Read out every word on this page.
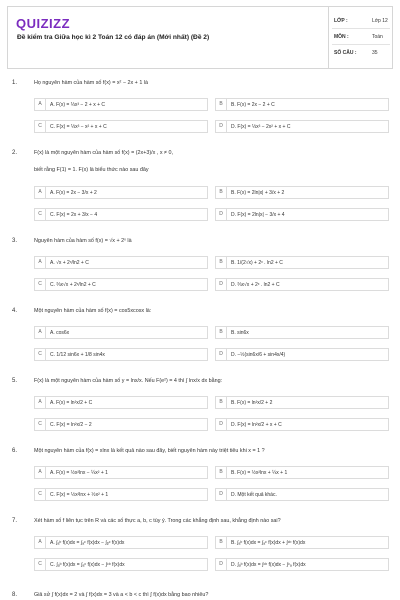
QUIZIZZ
Đề kiểm tra Giữa học kì 2 Toán 12 có đáp án (Mới nhất) (Đề 2)
LỚP :	Lớp 12
MÔN :	Toán
SỐ CÂU :	35
1.	Họ nguyên hàm của hàm số f(x) = x² − 2x + 1 là
A	A. F(x) = ⅓x³ − 2 + x + C	B	B. F(x) = 2x − 2 + C
C	C. F(x) = ⅓x³ − x² + x + C	D	D. F(x) = ⅓x³ − 2x² + x + C
2.	F(x) là một nguyên hàm của hàm số f(x) = (2x+3)/x , x ≠ 0,
biết rằng F(1) = 1. F(x) là biểu thức nào sau đây
A	A. F(x) = 2x − 3/x + 2	B	B. F(x) = 2ln|x| + 3/x + 2
C	C. F(x) = 2x + 3/x − 4	D	D. F(x) = 2ln|x| − 3/x + 4
3.	Nguyên hàm của hàm số f(x) = √x + 2ˣ là
A	A. √x + 2ˣ/ln2 + C	B	B. 1/(2√x) + 2ˣ . ln2 + C
C	C. ⅔x√x + 2ˣ/ln2 + C	D	D. ⅔x√x + 2ˣ . ln2 + C
4.	Một nguyên hàm của hàm số f(x) = cos5xcosx là:
A	A. cos6x	B	B. sin6x
C	C. 1/12 sin6x + 1/8 sin4x	D	D. −½(sin6x/6 + sin4x/4)
5.	F(x) là một nguyên hàm của hàm số y = lnx/x. Nếu F(e²) = 4 thì ∫ lnx/x dx bằng:
A	A. F(x) = ln²x/2 + C	B	B. F(x) = ln²x/2 + 2
C	C. F(x) = ln²x/2 − 2	D	D. F(x) = ln²x/2 + x + C
6.	Một nguyên hàm của f(x) = xlnx là kết quả nào sau đây, biết nguyên hàm này triệt tiêu khi x = 1 ?
A	A. F(x) = ½x²lnx − ¼x² + 1	B	B. F(x) = ½x²lnx + ¼x + 1
C	C. F(x) = ½x²lnx + ½x² + 1	D	D. Một kết quả khác.
7.	Xét hàm số f liên tục trên R và các số thực a, b, c tùy ý. Trong các khẳng định sau, khẳng định nào sai?
A	A. ∫ₐᵇ f(x)dx = ∫ₐᶜ f(x)dx − ∫ᵦᶜ f(x)dx	B	B. ∫ₐᵇ f(x)dx = ∫ₐᶜ f(x)dx + ∫ᶜᵇ f(x)dx
C	C. ∫ₐᵇ f(x)dx = ∫ₐᶜ f(x)dx − ∫ᶜᵇ f(x)dx	D	D. ∫ₐᵇ f(x)dx = ∫ᶜᵇ f(x)dx − ∫ᶜₐ f(x)dx
8.	Giả sử ∫ f(x)dx = 2 và ∫ f(x)dx = 3 và a < b < c thì ∫ f(x)dx bằng bao nhiêu?
